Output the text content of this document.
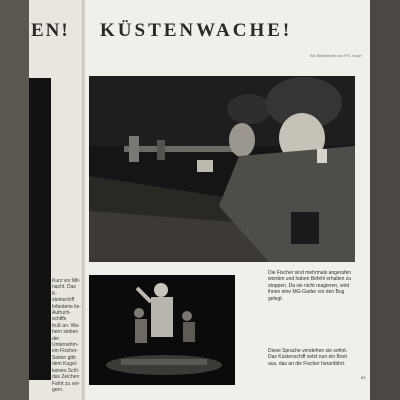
EN!
Kurz vor Mit-
nacht. Das K-
steinschiff
Infanterie lie-
Aufruch-schiffe
truß an. Wa-
hern sieben
der Unternehm-
ein Fischer-
Seiten gibt
dem Kugel-
keines Schl-
das Zeichen
Fahrt zu ver-
gern.
KÜSTENWACHE!
Ein Bildbericht von F.K. Knorr
Die Fischer sind mehrmals angerufen worden und haben Befehl erhalten zu stoppen. Da sie nicht reagieren, wird ihnen eine MG-Garbe vor den Bug gelegt.
Diese Sprache verstehen sie sofort. Das Küstenschiff setzt nun ein Boot aus, das an die Fischer heranfährt.
83
